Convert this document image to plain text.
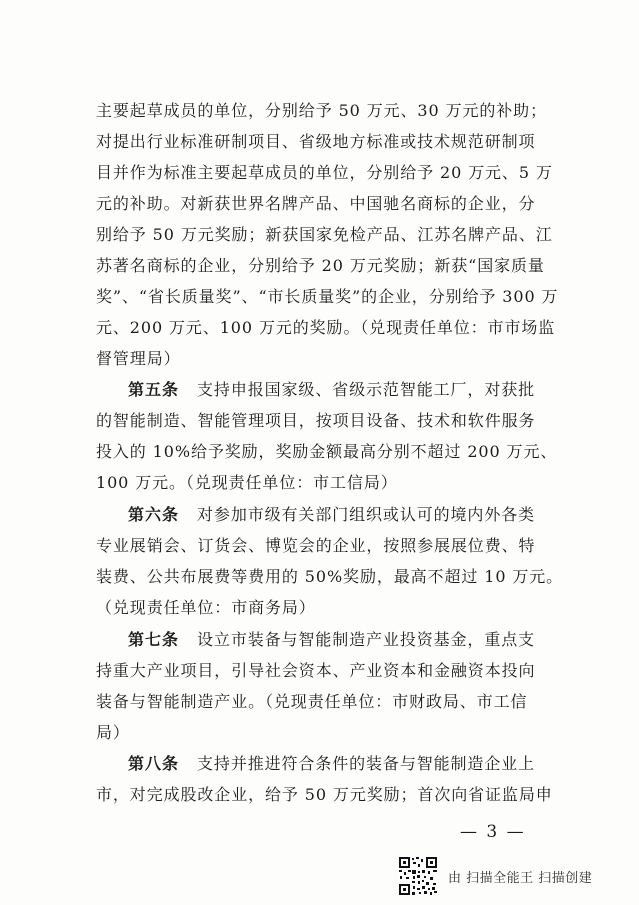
主要起草成员的单位，分别给予 50 万元、30 万元的补助；
对提出行业标准研制项目、省级地方标准或技术规范研制项
目并作为标准主要起草成员的单位，分别给予 20 万元、5 万
元的补助。对新获世界名牌产品、中国驰名商标的企业，分
别给予 50 万元奖励；新获国家免检产品、江苏名牌产品、江
苏著名商标的企业，分别给予 20 万元奖励；新获“国家质量
奖”、“省长质量奖”、“市长质量奖”的企业，分别给予 300 万
元、200 万元、100 万元的奖励。（兑现责任单位：市市场监
督管理局）
第五条 支持申报国家级、省级示范智能工厂，对获批
的智能制造、智能管理项目，按项目设备、技术和软件服务
投入的 10%给予奖励，奖励金额最高分别不超过 200 万元、
100 万元。（兑现责任单位：市工信局）
第六条 对参加市级有关部门组织或认可的境内外各类
专业展销会、订货会、博览会的企业，按照参展展位费、特
装费、公共布展费等费用的 50%奖励，最高不超过 10 万元。
（兑现责任单位：市商务局）
第七条 设立市装备与智能制造产业投资基金，重点支
持重大产业项目，引导社会资本、产业资本和金融资本投向
装备与智能制造产业。（兑现责任单位：市财政局、市工信
局）
第八条 支持并推进符合条件的装备与智能制造企业上
市，对完成股改企业，给予 50 万元奖励；首次向省证监局申
— 3 —
由 扫描全能王 扫描创建
